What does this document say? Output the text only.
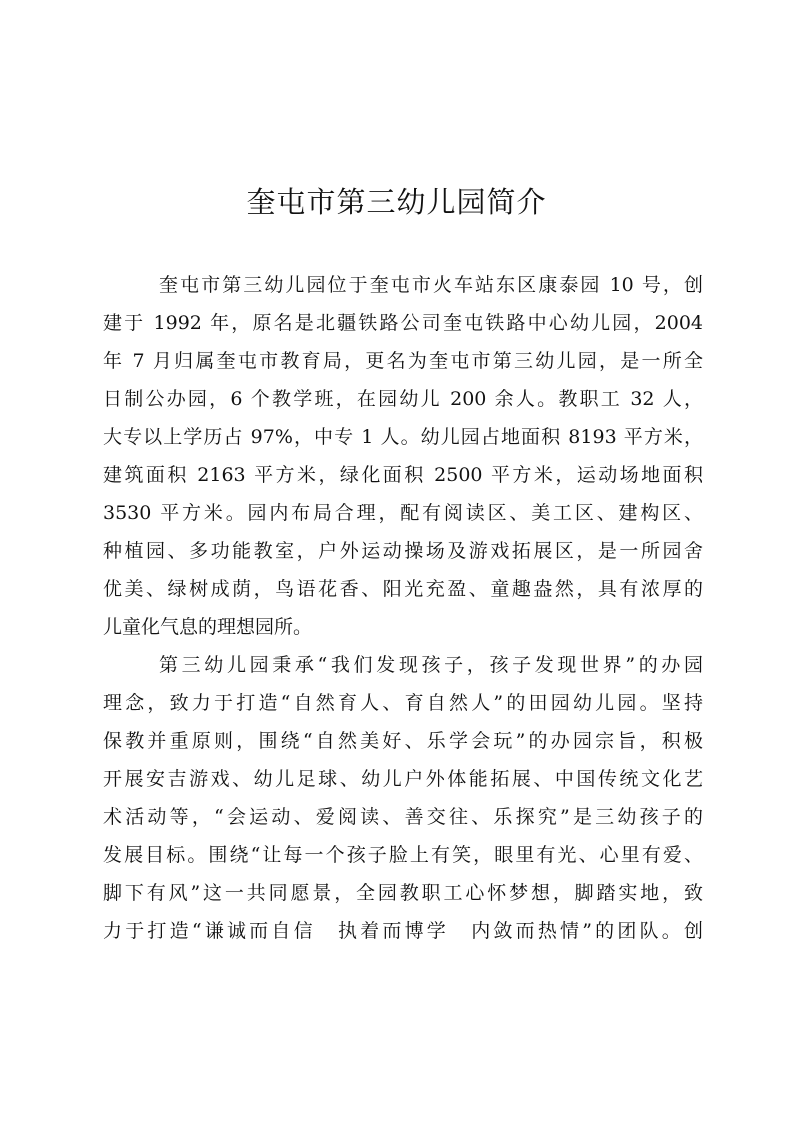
奎屯市第三幼儿园简介
奎屯市第三幼儿园位于奎屯市火车站东区康泰园 10 号，创
建于 1992 年，原名是北疆铁路公司奎屯铁路中心幼儿园，2004
年 7 月归属奎屯市教育局，更名为奎屯市第三幼儿园，是一所全
日制公办园，6 个教学班，在园幼儿 200 余人。教职工 32 人，
大专以上学历占 97%，中专 1 人。幼儿园占地面积 8193 平方米，
建筑面积 2163 平方米，绿化面积 2500 平方米，运动场地面积
3530 平方米。园内布局合理，配有阅读区、美工区、建构区、
种植园、多功能教室，户外运动操场及游戏拓展区，是一所园舍
优美、绿树成荫，鸟语花香、阳光充盈、童趣盎然，具有浓厚的
儿童化气息的理想园所。
第三幼儿园秉承“我们发现孩子，孩子发现世界”的办园
理念，致力于打造“自然育人、育自然人”的田园幼儿园。坚持
保教并重原则，围绕“自然美好、乐学会玩”的办园宗旨，积极
开展安吉游戏、幼儿足球、幼儿户外体能拓展、中国传统文化艺
术活动等，“会运动、爱阅读、善交往、乐探究”是三幼孩子的
发展目标。围绕“让每一个孩子脸上有笑，眼里有光、心里有爱、
脚下有风”这一共同愿景，全园教职工心怀梦想，脚踏实地，致
力于打造“谦诚而自信　执着而博学　内敛而热情”的团队。创
